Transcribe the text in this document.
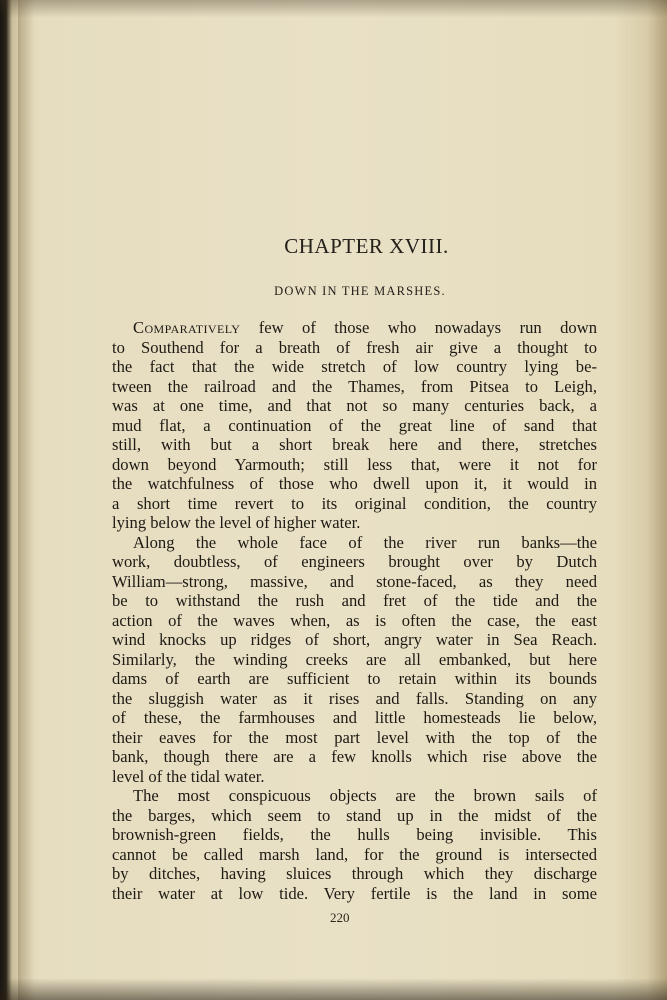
CHAPTER XVIII.
DOWN IN THE MARSHES.
Comparatively few of those who nowadays run down
to Southend for a breath of fresh air give a thought to
the fact that the wide stretch of low country lying be-
tween the railroad and the Thames, from Pitsea to Leigh,
was at one time, and that not so many centuries back, a
mud flat, a continuation of the great line of sand that
still, with but a short break here and there, stretches
down beyond Yarmouth; still less that, were it not for
the watchfulness of those who dwell upon it, it would in
a short time revert to its original condition, the country
lying below the level of higher water.
Along the whole face of the river run banks—the
work, doubtless, of engineers brought over by Dutch
William—strong, massive, and stone-faced, as they need
be to withstand the rush and fret of the tide and the
action of the waves when, as is often the case, the east
wind knocks up ridges of short, angry water in Sea Reach.
Similarly, the winding creeks are all embanked, but here
dams of earth are sufficient to retain within its bounds
the sluggish water as it rises and falls. Standing on any
of these, the farmhouses and little homesteads lie below,
their eaves for the most part level with the top of the
bank, though there are a few knolls which rise above the
level of the tidal water.
The most conspicuous objects are the brown sails of
the barges, which seem to stand up in the midst of the
brownish-green fields, the hulls being invisible. This
cannot be called marsh land, for the ground is intersected
by ditches, having sluices through which they discharge
their water at low tide. Very fertile is the land in some
220
